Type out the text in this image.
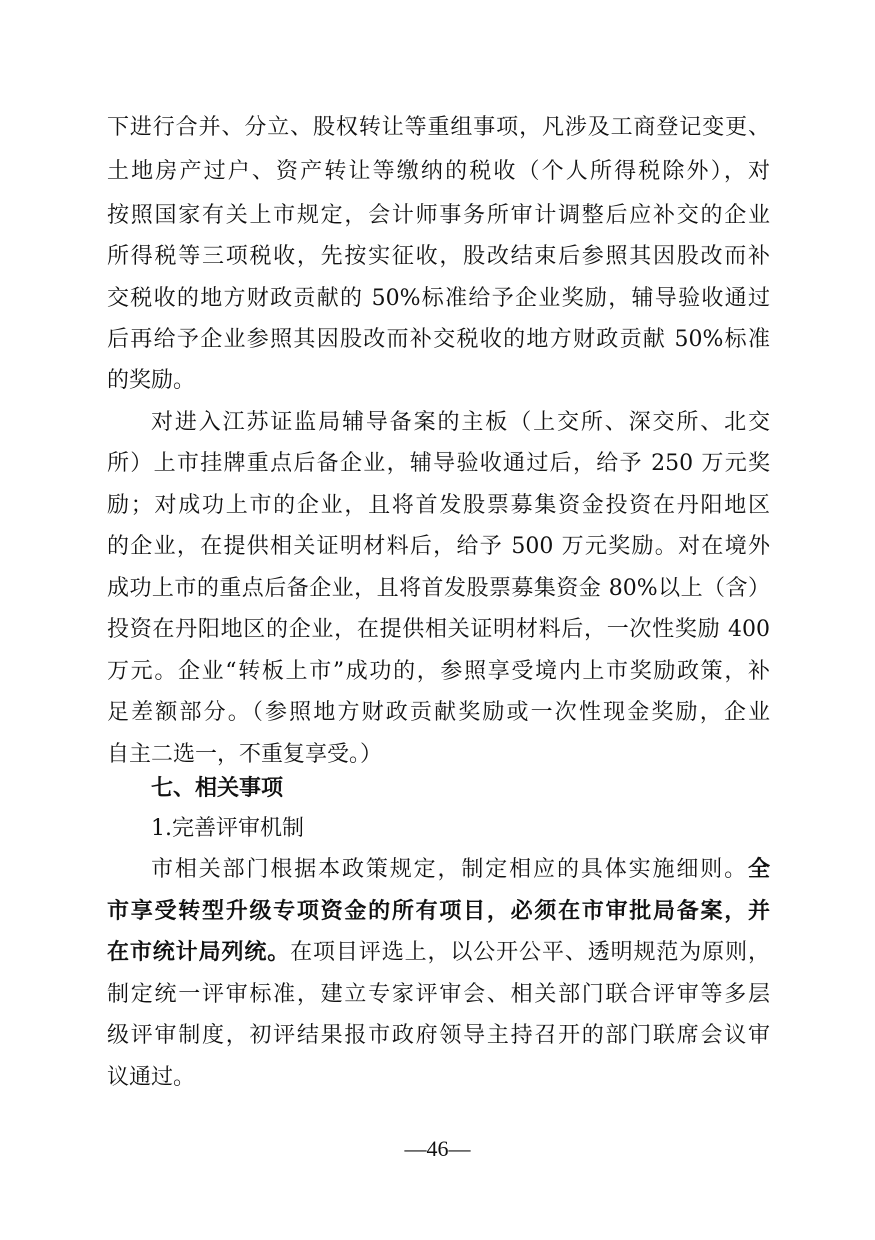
下进行合并、分立、股权转让等重组事项，凡涉及工商登记变更、
土地房产过户、资产转让等缴纳的税收（个人所得税除外），对
按照国家有关上市规定，会计师事务所审计调整后应补交的企业
所得税等三项税收，先按实征收，股改结束后参照其因股改而补
交税收的地方财政贡献的 50%标准给予企业奖励，辅导验收通过
后再给予企业参照其因股改而补交税收的地方财政贡献 50%标准
的奖励。
对进入江苏证监局辅导备案的主板（上交所、深交所、北交
所）上市挂牌重点后备企业，辅导验收通过后，给予 250 万元奖
励；对成功上市的企业，且将首发股票募集资金投资在丹阳地区
的企业，在提供相关证明材料后，给予 500 万元奖励。对在境外
成功上市的重点后备企业，且将首发股票募集资金 80%以上（含）
投资在丹阳地区的企业，在提供相关证明材料后，一次性奖励 400
万元。企业“转板上市”成功的，参照享受境内上市奖励政策，补
足差额部分。（参照地方财政贡献奖励或一次性现金奖励，企业
自主二选一，不重复享受。）
七、相关事项
1.完善评审机制
市相关部门根据本政策规定，制定相应的具体实施细则。全
市享受转型升级专项资金的所有项目，必须在市审批局备案，并
在市统计局列统。在项目评选上，以公开公平、透明规范为原则，
制定统一评审标准，建立专家评审会、相关部门联合评审等多层
级评审制度，初评结果报市政府领导主持召开的部门联席会议审
议通过。
—46—
